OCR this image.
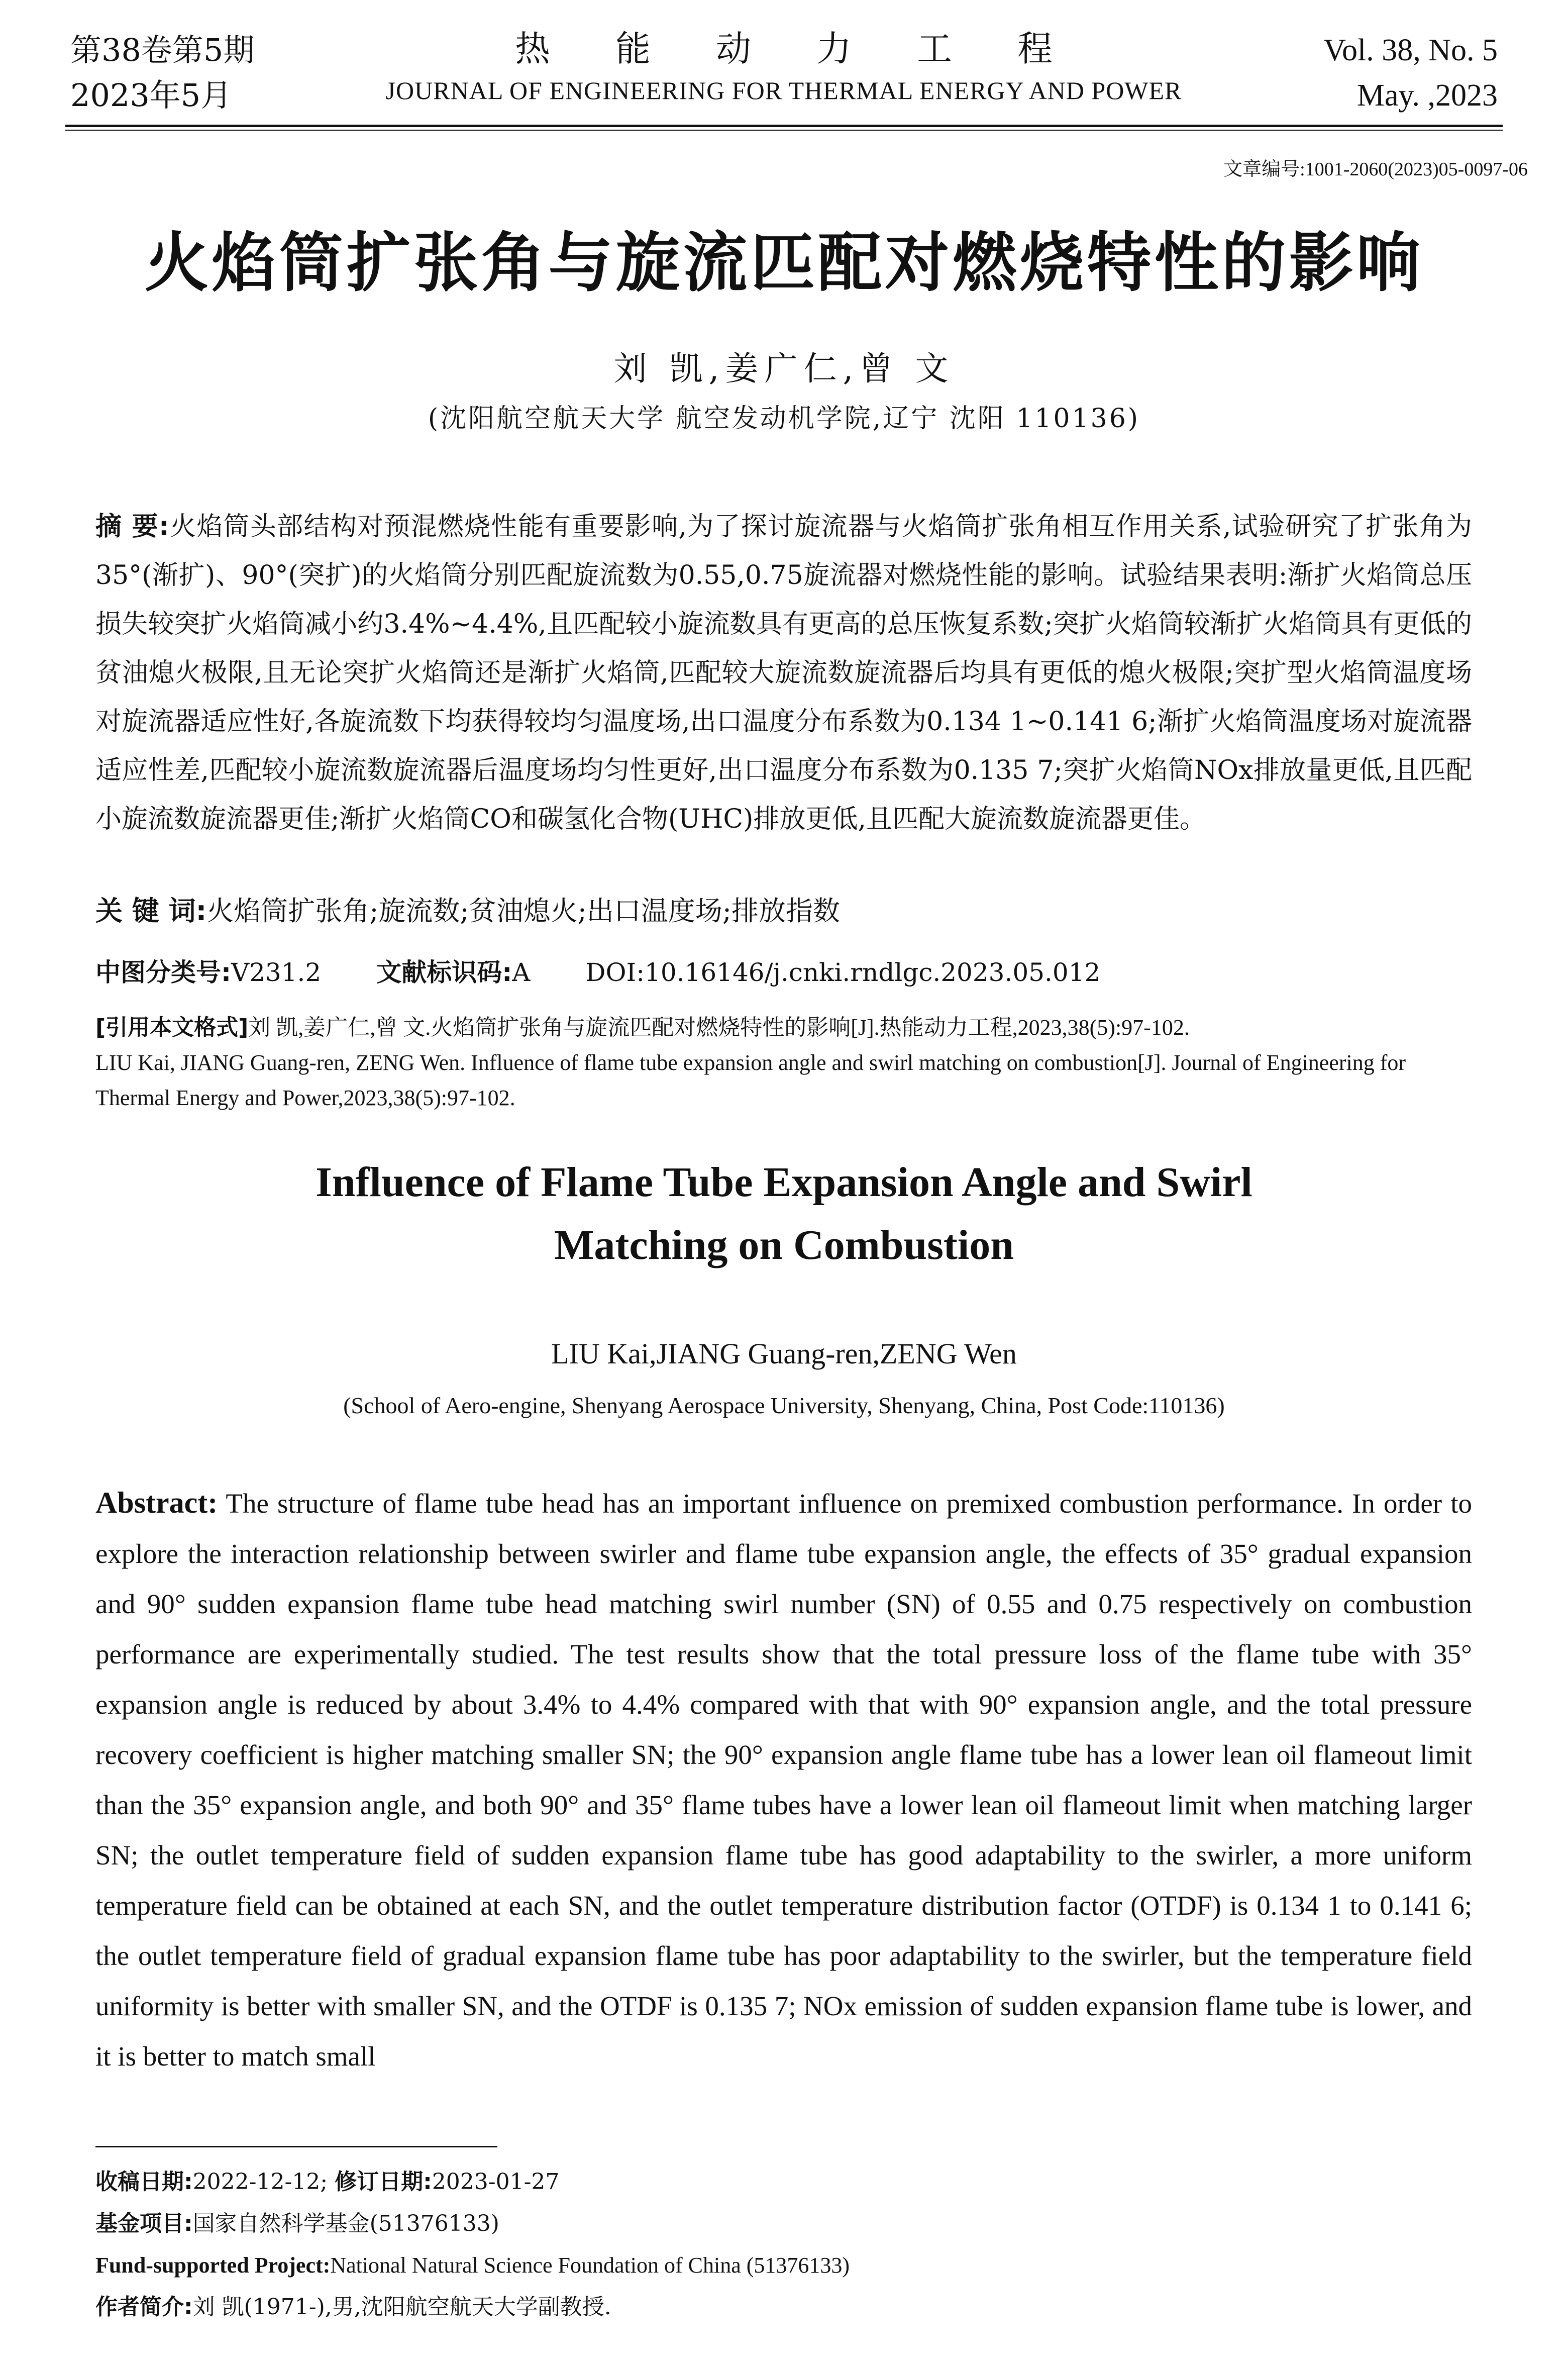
第38卷第5期
2023年5月
热能动力工程
JOURNAL OF ENGINEERING FOR THERMAL ENERGY AND POWER
Vol. 38, No. 5
May. ,2023
文章编号:1001-2060(2023)05-0097-06
火焰筒扩张角与旋流匹配对燃烧特性的影响
刘 凯,姜广仁,曾 文
(沈阳航空航天大学 航空发动机学院,辽宁 沈阳 110136)
摘 要:火焰筒头部结构对预混燃烧性能有重要影响,为了探讨旋流器与火焰筒扩张角相互作用关系,试验研究了扩张角为35°(渐扩)、90°(突扩)的火焰筒分别匹配旋流数为0.55,0.75旋流器对燃烧性能的影响。试验结果表明:渐扩火焰筒总压损失较突扩火焰筒减小约3.4%~4.4%,且匹配较小旋流数具有更高的总压恢复系数;突扩火焰筒较渐扩火焰筒具有更低的贫油熄火极限,且无论突扩火焰筒还是渐扩火焰筒,匹配较大旋流数旋流器后均具有更低的熄火极限;突扩型火焰筒温度场对旋流器适应性好,各旋流数下均获得较均匀温度场,出口温度分布系数为0.134 1~0.141 6;渐扩火焰筒温度场对旋流器适应性差,匹配较小旋流数旋流器后温度场均匀性更好,出口温度分布系数为0.135 7;突扩火焰筒NOx排放量更低,且匹配小旋流数旋流器更佳;渐扩火焰筒CO和碳氢化合物(UHC)排放更低,且匹配大旋流数旋流器更佳。
关 键 词:火焰筒扩张角;旋流数;贫油熄火;出口温度场;排放指数
中图分类号:V231.2 文献标识码:A DOI:10.16146/j.cnki.rndlgc.2023.05.012
[引用本文格式]刘 凯,姜广仁,曾 文.火焰筒扩张角与旋流匹配对燃烧特性的影响[J].热能动力工程,2023,38(5):97-102.
LIU Kai, JIANG Guang-ren, ZENG Wen. Influence of flame tube expansion angle and swirl matching on combustion[J]. Journal of Engineering for Thermal Energy and Power,2023,38(5):97-102.
Influence of Flame Tube Expansion Angle and Swirl
Matching on Combustion
LIU Kai,JIANG Guang-ren,ZENG Wen
(School of Aero-engine, Shenyang Aerospace University, Shenyang, China, Post Code:110136)
Abstract: The structure of flame tube head has an important influence on premixed combustion performance. In order to explore the interaction relationship between swirler and flame tube expansion angle, the effects of 35° gradual expansion and 90° sudden expansion flame tube head matching swirl number (SN) of 0.55 and 0.75 respectively on combustion performance are experimentally studied. The test results show that the total pressure loss of the flame tube with 35° expansion angle is reduced by about 3.4% to 4.4% compared with that with 90° expansion angle, and the total pressure recovery coefficient is higher matching smaller SN; the 90° expansion angle flame tube has a lower lean oil flameout limit than the 35° expansion angle, and both 90° and 35° flame tubes have a lower lean oil flameout limit when matching larger SN; the outlet temperature field of sudden expansion flame tube has good adaptability to the swirler, a more uniform temperature field can be obtained at each SN, and the outlet temperature distribution factor (OTDF) is 0.134 1 to 0.141 6; the outlet temperature field of gradual expansion flame tube has poor adaptability to the swirler, but the temperature field uniformity is better with smaller SN, and the OTDF is 0.135 7; NOx emission of sudden expansion flame tube is lower, and it is better to match small
收稿日期:2022-12-12; 修订日期:2023-01-27
基金项目:国家自然科学基金(51376133)
Fund-supported Project:National Natural Science Foundation of China (51376133)
作者简介:刘 凯(1971-),男,沈阳航空航天大学副教授.
